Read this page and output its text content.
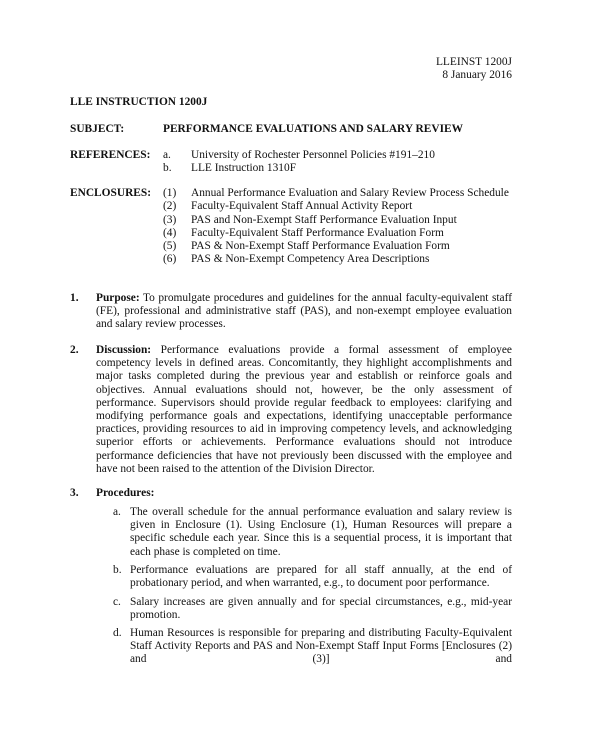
LLEINST 1200J
8 January 2016
LLE INSTRUCTION 1200J
SUBJECT:	PERFORMANCE EVALUATIONS AND SALARY REVIEW
REFERENCES: a. University of Rochester Personnel Policies #191–210
b. LLE Instruction 1310F
ENCLOSURES: (1) Annual Performance Evaluation and Salary Review Process Schedule
(2) Faculty-Equivalent Staff Annual Activity Report
(3) PAS and Non-Exempt Staff Performance Evaluation Input
(4) Faculty-Equivalent Staff Performance Evaluation Form
(5) PAS & Non-Exempt Staff Performance Evaluation Form
(6) PAS & Non-Exempt Competency Area Descriptions
1. Purpose: To promulgate procedures and guidelines for the annual faculty-equivalent staff (FE), professional and administrative staff (PAS), and non-exempt employee evaluation and salary review processes.
2. Discussion: Performance evaluations provide a formal assessment of employee competency levels in defined areas. Concomitantly, they highlight accomplishments and major tasks completed during the previous year and establish or reinforce goals and objectives. Annual evaluations should not, however, be the only assessment of performance. Supervisors should provide regular feedback to employees: clarifying and modifying performance goals and expectations, identifying unacceptable performance practices, providing resources to aid in improving competency levels, and acknowledging superior efforts or achievements. Performance evaluations should not introduce performance deficiencies that have not previously been discussed with the employee and have not been raised to the attention of the Division Director.
3. Procedures:
a. The overall schedule for the annual performance evaluation and salary review is given in Enclosure (1). Using Enclosure (1), Human Resources will prepare a specific schedule each year. Since this is a sequential process, it is important that each phase is completed on time.
b. Performance evaluations are prepared for all staff annually, at the end of probationary period, and when warranted, e.g., to document poor performance.
c. Salary increases are given annually and for special circumstances, e.g., mid-year promotion.
d. Human Resources is responsible for preparing and distributing Faculty-Equivalent Staff Activity Reports and PAS and Non-Exempt Staff Input Forms [Enclosures (2) and (3)] and
